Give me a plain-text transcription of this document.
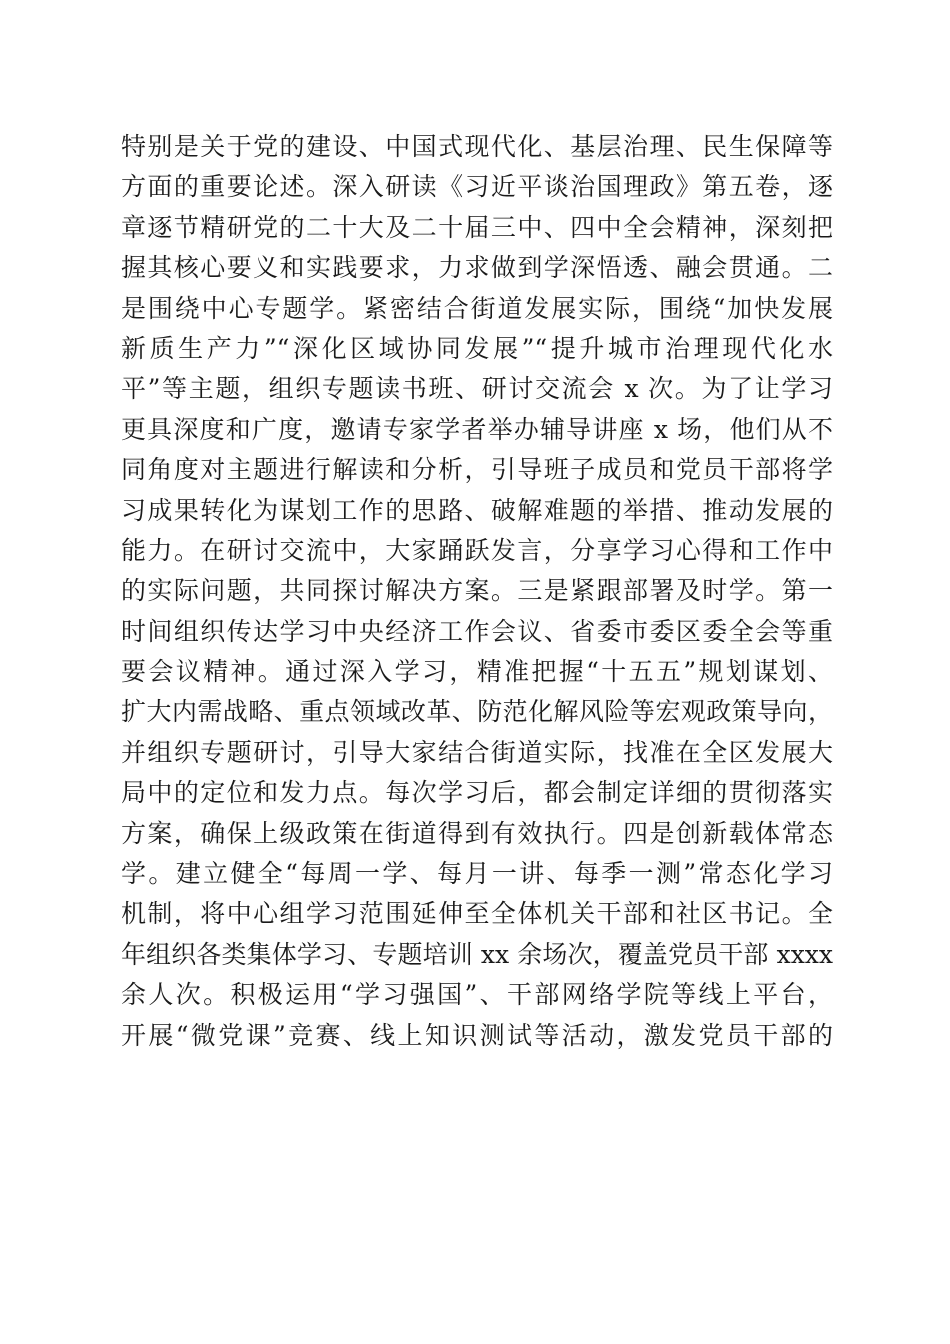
特别是关于党的建设、中国式现代化、基层治理、民生保障等
方面的重要论述。深入研读《习近平谈治国理政》第五卷，逐
章逐节精研党的二十大及二十届三中、四中全会精神，深刻把
握其核心要义和实践要求，力求做到学深悟透、融会贯通。二
是围绕中心专题学。紧密结合街道发展实际，围绕“加快发展
新质生产力”“深化区域协同发展”“提升城市治理现代化水
平”等主题，组织专题读书班、研讨交流会 x 次。为了让学习
更具深度和广度，邀请专家学者举办辅导讲座 x 场，他们从不
同角度对主题进行解读和分析，引导班子成员和党员干部将学
习成果转化为谋划工作的思路、破解难题的举措、推动发展的
能力。在研讨交流中，大家踊跃发言，分享学习心得和工作中
的实际问题，共同探讨解决方案。三是紧跟部署及时学。第一
时间组织传达学习中央经济工作会议、省委市委区委全会等重
要会议精神。通过深入学习，精准把握“十五五”规划谋划、
扩大内需战略、重点领域改革、防范化解风险等宏观政策导向，
并组织专题研讨，引导大家结合街道实际，找准在全区发展大
局中的定位和发力点。每次学习后，都会制定详细的贯彻落实
方案，确保上级政策在街道得到有效执行。四是创新载体常态
学。建立健全“每周一学、每月一讲、每季一测”常态化学习
机制，将中心组学习范围延伸至全体机关干部和社区书记。全
年组织各类集体学习、专题培训 xx 余场次，覆盖党员干部 xxxx
余人次。积极运用“学习强国”、干部网络学院等线上平台，
开展“微党课”竞赛、线上知识测试等活动，激发党员干部的
